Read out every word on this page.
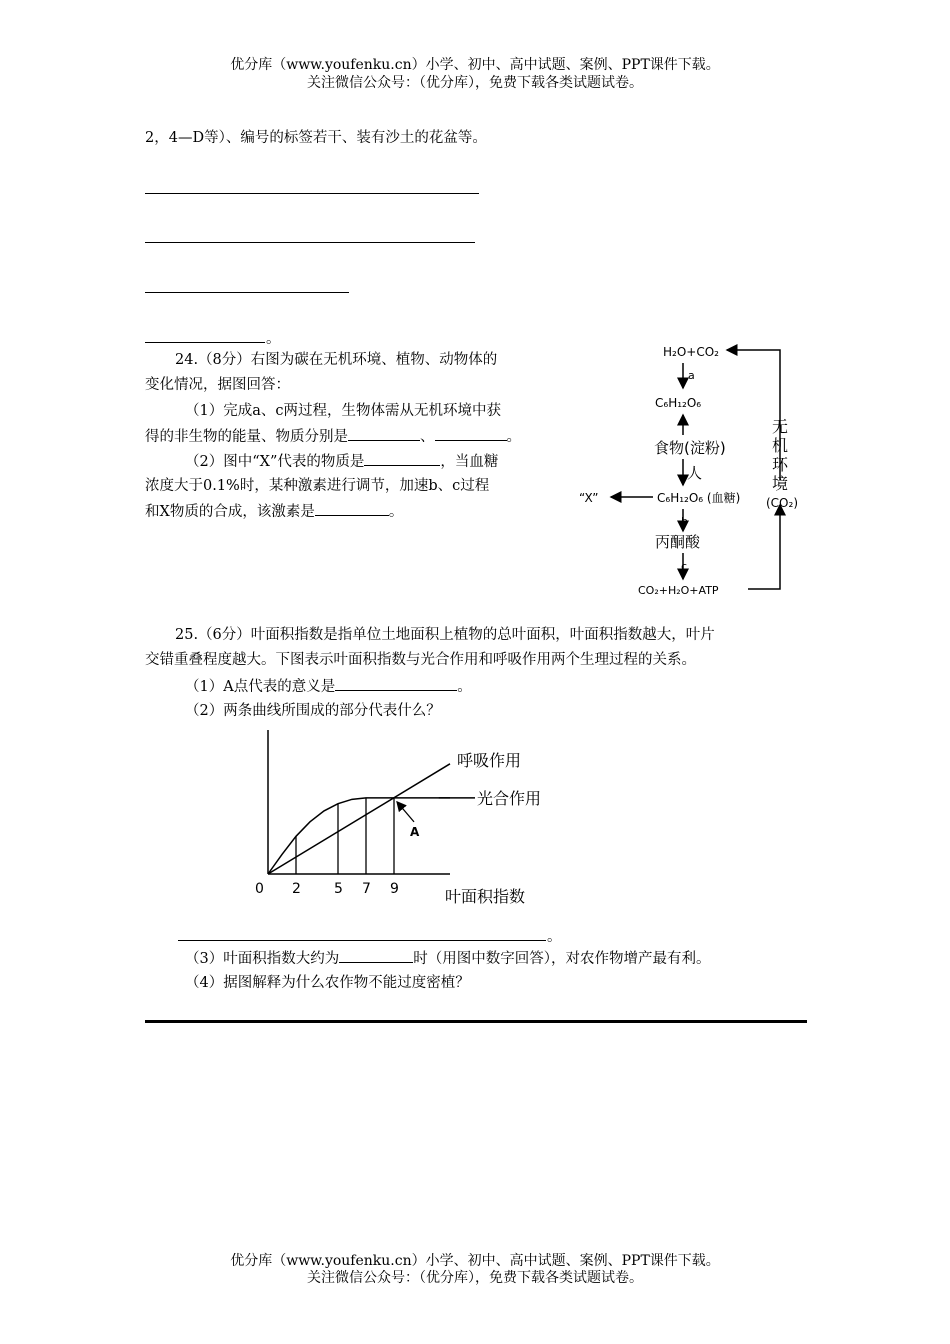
优分库（www.youfenku.cn）小学、初中、高中试题、案例、PPT课件下载。
关注微信公众号：（优分库），免费下载各类试题试卷。
2，4—D等）、编号的标签若干、装有沙土的花盆等。
。
24.（8分）右图为碳在无机环境、植物、动物体的
变化情况，据图回答：
（1）完成a、c两过程，生物体需从无机环境中获
得的非生物的能量、物质分别是	、	。
（2）图中“X”代表的物质是	，当血糖
浓度大于0.1%时，某种激素进行调节，加速b、c过程
和X物质的合成，该激素是	。
H₂O+CO₂
a
C₆H₁₂O₆
食物(淀粉)
人
C₆H₁₂O₆ (血糖)
“X”
b
丙酮酸
c
CO₂+H₂O+ATP
无
机
环
境
(CO₂)
25.（6分）叶面积指数是指单位土地面积上植物的总叶面积，叶面积指数越大，叶片
交错重叠程度越大。下图表示叶面积指数与光合作用和呼吸作用两个生理过程的关系。
（1）A点代表的意义是	。
（2）两条曲线所围成的部分代表什么？
呼吸作用
光合作用
A
0 2 5 7 9	叶面积指数
。
（3）叶面积指数大约为	时（用图中数字回答），对农作物增产最有利。
（4）据图解释为什么农作物不能过度密植？
优分库（www.youfenku.cn）小学、初中、高中试题、案例、PPT课件下载。
关注微信公众号：（优分库），免费下载各类试题试卷。
